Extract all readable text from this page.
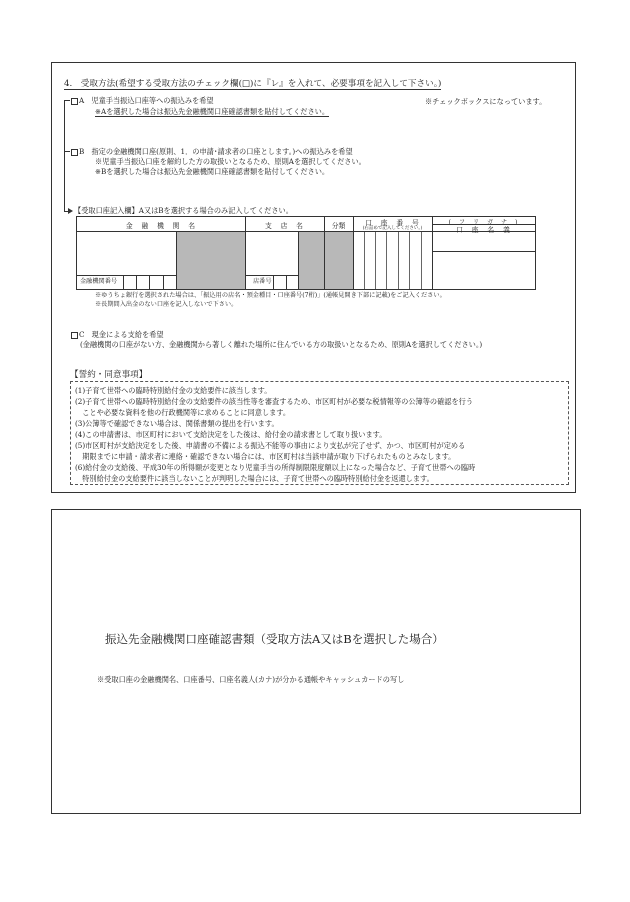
4.　受取方法(希望する受取方法のチェック欄(□)に『レ』を入れて、必要事項を記入して下さい。)
※チェックボックスになっています。
A　児童手当振込口座等への振込みを希望
※Aを選択した場合は振込先金融機関口座確認書類を貼付してください。
B　指定の金融機関口座(原則、1．の申請･請求者の口座とします。)への振込みを希望
※児童手当振込口座を解約した方の取扱いとなるため、原則Aを選択してください。
※Bを選択した場合は振込先金融機関口座確認書類を貼付してください。
【受取口座記入欄】A又はBを選択する場合のみ記入してください。
金　融　機　関　名	支　店　名	分類	口　座　番　号
(右詰めで記入してください。)
(　フ　リ　ガ　ナ　)
口　座　名　義
金融機関番号	店番号
※ゆうちょ銀行を選択された場合は、「振込用の店名・預金種目・口座番号(7桁)」(通帳見開き下部に記載)をご記入ください。
※長期間入出金のない口座を記入しないで下さい。
C　現金による支給を希望
(金融機関の口座がない方、金融機関から著しく離れた場所に住んでいる方の取扱いとなるため、原則Aを選択してください。)
【誓約・同意事項】
(1)子育て世帯への臨時特別給付金の支給要件に該当します。
(2)子育て世帯への臨時特別給付金の支給要件の該当性等を審査するため、市区町村が必要な税情報等の公簿等の確認を行う
　ことや必要な資料を他の行政機関等に求めることに同意します。
(3)公簿等で確認できない場合は、関係書類の提出を行います。
(4)この申請書は、市区町村において支給決定をした後は、給付金の請求書として取り扱います。
(5)市区町村が支給決定をした後、申請書の不備による振込不能等の事由により支払が完了せず、かつ、市区町村が定める
　期限までに申請・請求者に連絡・確認できない場合には、市区町村は当該申請が取り下げられたものとみなします。
(6)給付金の支給後、平成30年の所得額が変更となり児童手当の所得制限限度額以上になった場合など、子育て世帯への臨時
　特別給付金の支給要件に該当しないことが判明した場合には、子育て世帯への臨時特別給付金を返還します。
振込先金融機関口座確認書類（受取方法A又はBを選択した場合）
※受取口座の金融機関名、口座番号、口座名義人(カナ)が分かる通帳やキャッシュカードの写し
